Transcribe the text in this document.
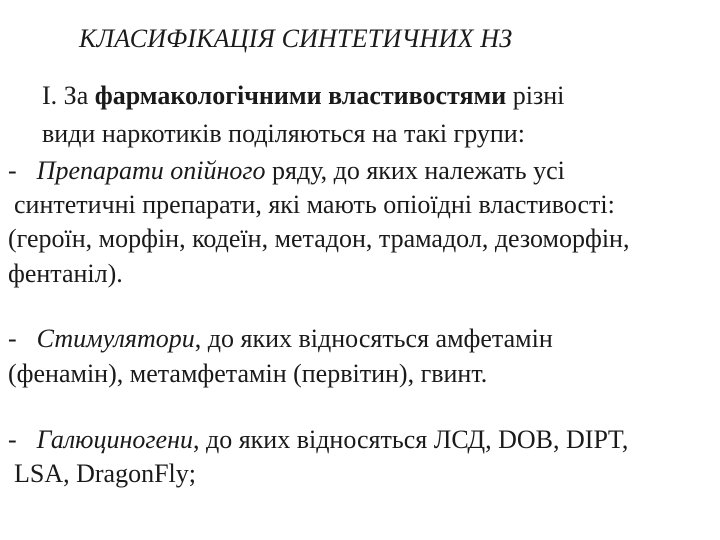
КЛАСИФІКАЦІЯ СИНТЕТИЧНИХ НЗ
I. За фармакологічними властивостями різні
види наркотиків поділяються на такі групи:
- Препарати опійного ряду, до яких належать усі
синтетичні препарати, які мають опіоїдні властивості:
(героїн, морфін, кодеїн, метадон, трамадол, дезоморфін,
фентаніл).
- Стимулятори, до яких відносяться амфетамін
(фенамін), метамфетамін (первітин), гвинт.
- Галюциногени, до яких відносяться ЛСД, DOB, DIPT,
LSA, DragonFly;
